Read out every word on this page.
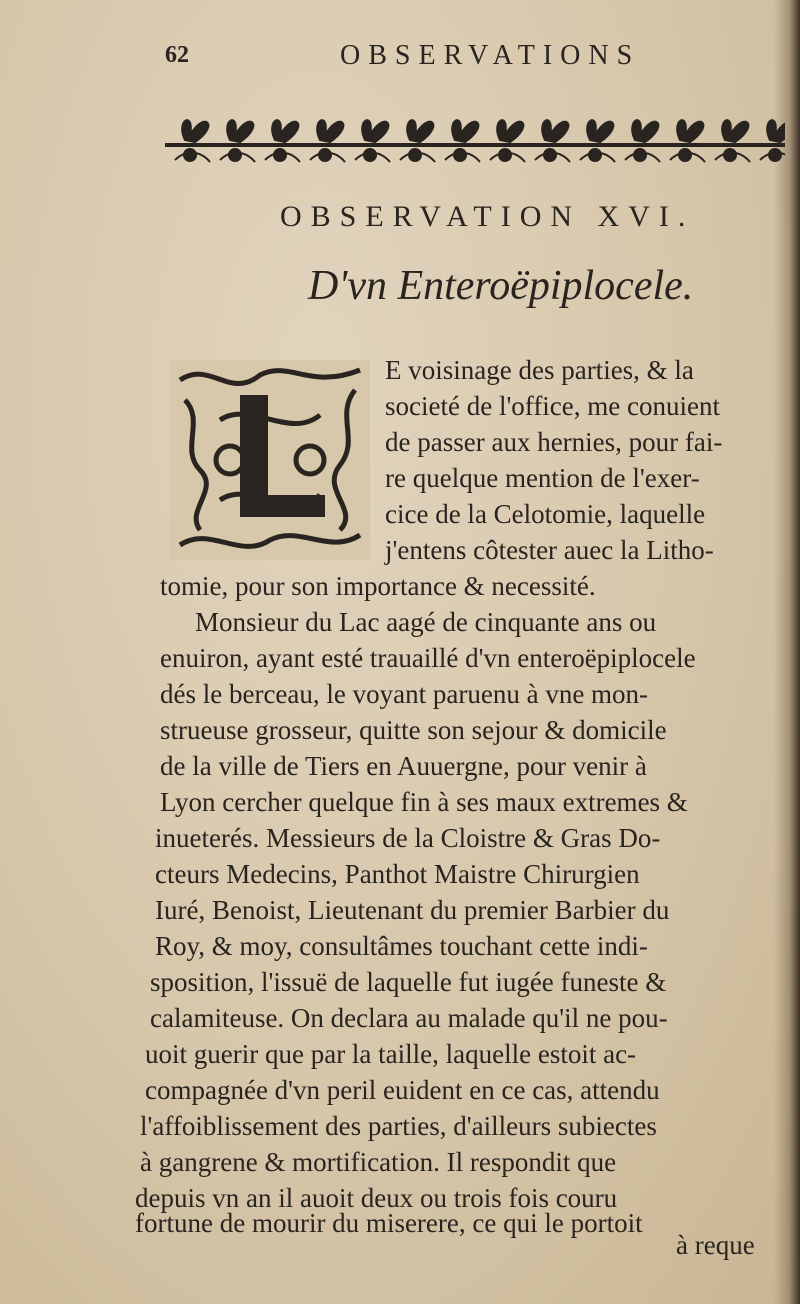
62	OBSERVATIONS
OBSERVATION XVI.
D'vn Enteroëpiplocele.
E voisinage des parties, & la
societé de l'office, me conuient
de passer aux hernies, pour fai-
re quelque mention de l'exer-
cice de la Celotomie, laquelle
j'entens côtester auec la Litho-
tomie, pour son importance & necessité.
Monsieur du Lac aagé de cinquante ans ou
enuiron, ayant esté trauaillé d'vn enteroëpiplocele
dés le berceau, le voyant paruenu à vne mon-
strueuse grosseur, quitte son sejour & domicile
de la ville de Tiers en Auuergne, pour venir à
Lyon cercher quelque fin à ses maux extremes &
inueterés. Messieurs de la Cloistre & Gras Do-
cteurs Medecins, Panthot Maistre Chirurgien
Iuré, Benoist, Lieutenant du premier Barbier du
Roy, & moy, consultâmes touchant cette indi-
sposition, l'issuë de laquelle fut iugée funeste &
calamiteuse. On declara au malade qu'il ne pou-
uoit guerir que par la taille, laquelle estoit ac-
compagnée d'vn peril euident en ce cas, attendu
l'affoiblissement des parties, d'ailleurs subiectes
à gangrene & mortification. Il respondit que
depuis vn an il auoit deux ou trois fois couru
fortune de mourir du miserere, ce qui le portoit
à reque
